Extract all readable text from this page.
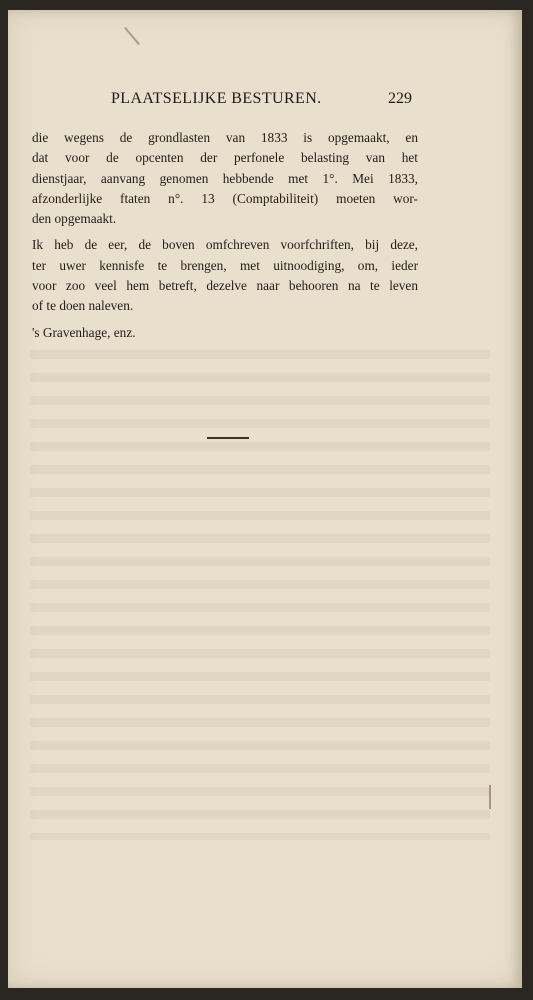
PLAATSELIJKE BESTUREN.	229
die wegens de grondlasten van 1833 is opgemaakt, en
dat voor de opcenten der perfonele belasting van het
dienstjaar, aanvang genomen hebbende met 1°. Mei 1833,
afzonderlijke ftaten n°. 13 (Comptabiliteit) moeten wor-
den opgemaakt.
Ik heb de eer, de boven omfchreven voorfchriften, bij deze,
ter uwer kennisfe te brengen, met uitnoodiging, om, ieder
voor zoo veel hem betreft, dezelve naar behooren na te leven
of te doen naleven.
's Gravenhage, enz.
